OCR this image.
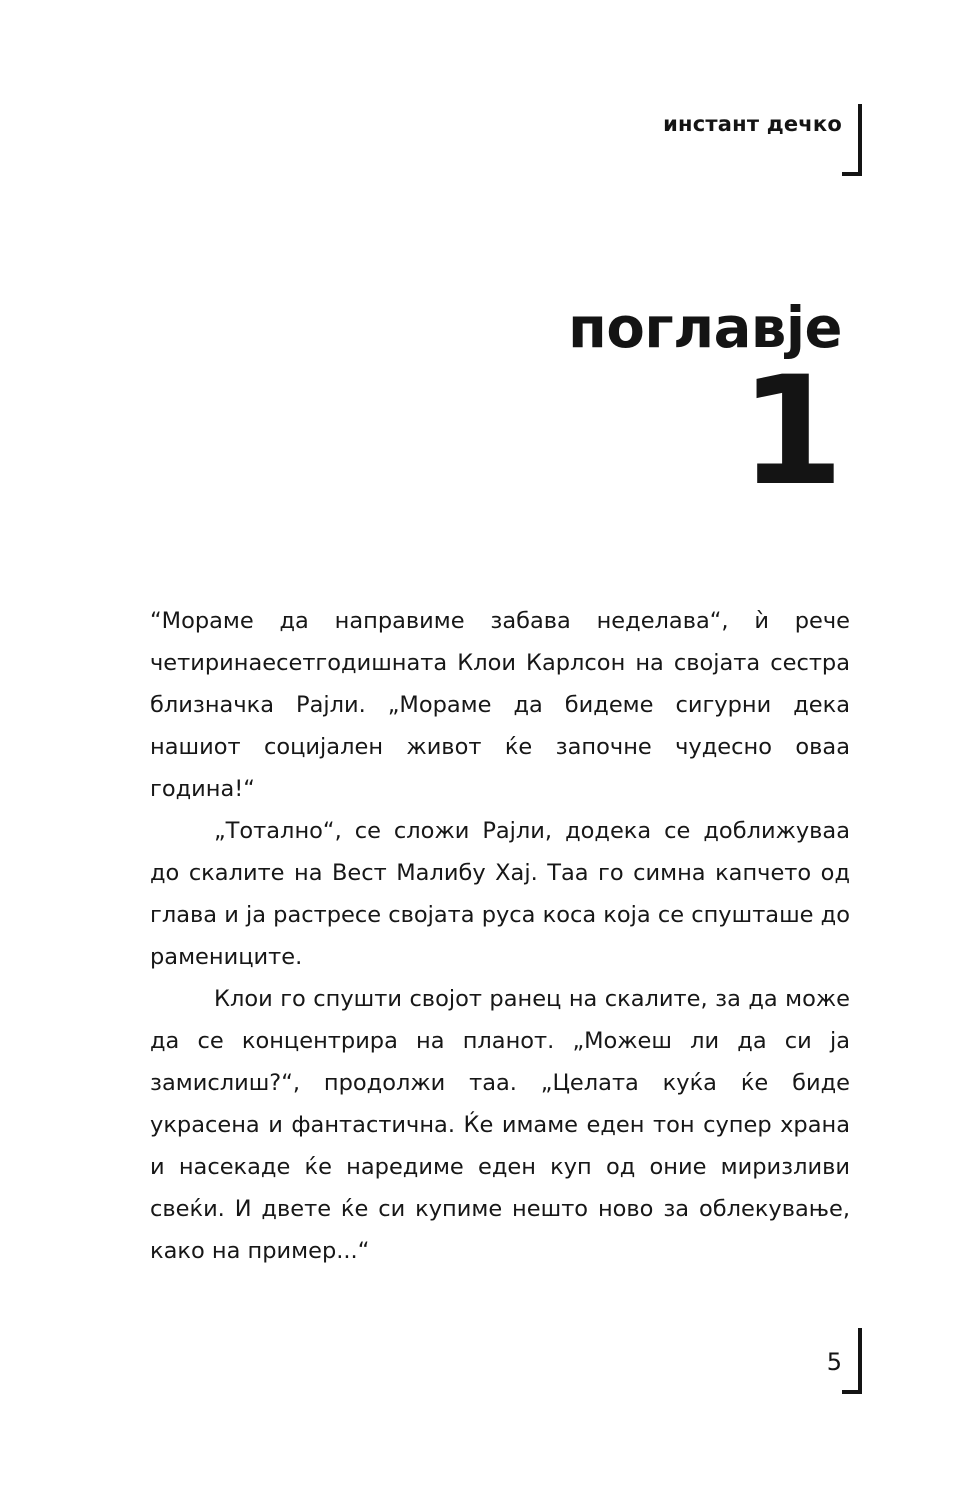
инстант дечко
поглавје
1

“Мораме да направиме забава неделава“, ѝ рече четиринаесетгодишната Клои Карлсон на својата сестра близначка Рајли. „Мораме да бидеме сигурни дека нашиот социјален живот ќе започне чудесно оваа година!“

„Тотално“, се сложи Рајли, додека се доближуваа до скалите на Вест Малибу Хај. Таа го симна капчето од глава и ја растресе својата руса коса која се спушташе до рамениците.

Клои го спушти својот ранец на скалите, за да може да се концентрира на планот. „Можеш ли да си ја замислиш?“, продолжи таа. „Целата куќа ќе биде украсена и фантастична. Ќе имаме еден тон супер храна и насекаде ќе наредиме еден куп од оние миризливи свеќи. И двете ќе си купиме нешто ново за облекување, како на пример...“

5
